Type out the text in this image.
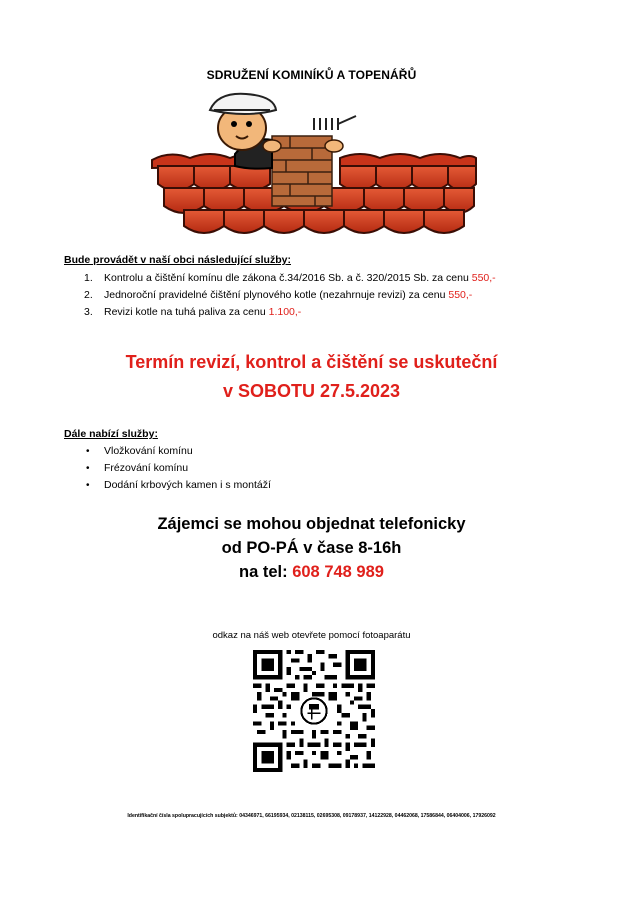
SDRUŽENÍ KOMINÍKŮ A TOPENÁŘŮ
Bude provádět v naší obci následující služby:
1. Kontrolu a čištění komínu dle zákona č.34/2016 Sb. a č. 320/2015 Sb. za cenu 550,-
2. Jednoroční pravidelné čištění plynového kotle (nezahrnuje revizi) za cenu 550,-
3. Revizi kotle na tuhá paliva za cenu 1.100,-
Termín revizí, kontrol a čištění se uskuteční
v SOBOTU 27.5.2023
Dále nabízí služby:
• Vložkování komínu
• Frézování komínu
• Dodání krbových kamen i s montáží
Zájemci se mohou objednat telefonicky
od PO-PÁ v čase 8-16h
na tel: 608 748 989
odkaz na náš web otevřete pomocí fotoaparátu
Identifikační čísla spolupracujících subjektů: 04346971, 66195934, 02138115, 02695308, 09178937, 14122928, 04462068, 17586844, 06404006, 17926092
